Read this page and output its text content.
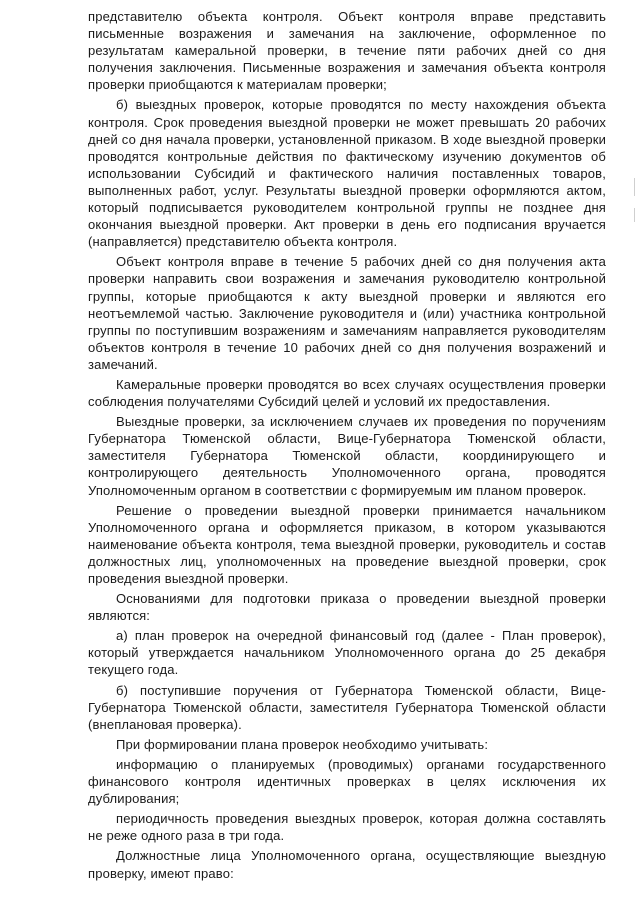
представителю объекта контроля. Объект контроля вправе представить письменные возражения и замечания на заключение, оформленное по результатам камеральной проверки, в течение пяти рабочих дней со дня получения заключения. Письменные возражения и замечания объекта контроля проверки приобщаются к материалам проверки;

б) выездных проверок, которые проводятся по месту нахождения объекта контроля. Срок проведения выездной проверки не может превышать 20 рабочих дней со дня начала проверки, установленной приказом. В ходе выездной проверки проводятся контрольные действия по фактическому изучению документов об использовании Субсидий и фактического наличия поставленных товаров, выполненных работ, услуг. Результаты выездной проверки оформляются актом, который подписывается руководителем контрольной группы не позднее дня окончания выездной проверки. Акт проверки в день его подписания вручается (направляется) представителю объекта контроля.

Объект контроля вправе в течение 5 рабочих дней со дня получения акта проверки направить свои возражения и замечания руководителю контрольной группы, которые приобщаются к акту выездной проверки и являются его неотъемлемой частью. Заключение руководителя и (или) участника контрольной группы по поступившим возражениям и замечаниям направляется руководителям объектов контроля в течение 10 рабочих дней со дня получения возражений и замечаний.

Камеральные проверки проводятся во всех случаях осуществления проверки соблюдения получателями Субсидий целей и условий их предоставления.

Выездные проверки, за исключением случаев их проведения по поручениям Губернатора Тюменской области, Вице-Губернатора Тюменской области, заместителя Губернатора Тюменской области, координирующего и контролирующего деятельность Уполномоченного органа, проводятся Уполномоченным органом в соответствии с формируемым им планом проверок.

Решение о проведении выездной проверки принимается начальником Уполномоченного органа и оформляется приказом, в котором указываются наименование объекта контроля, тема выездной проверки, руководитель и состав должностных лиц, уполномоченных на проведение выездной проверки, срок проведения выездной проверки.

Основаниями для подготовки приказа о проведении выездной проверки являются:

а) план проверок на очередной финансовый год (далее - План проверок), который утверждается начальником Уполномоченного органа до 25 декабря текущего года.

б) поступившие поручения от Губернатора Тюменской области, Вице-Губернатора Тюменской области, заместителя Губернатора Тюменской области (внеплановая проверка).

При формировании плана проверок необходимо учитывать:

информацию о планируемых (проводимых) органами государственного финансового контроля идентичных проверках в целях исключения их дублирования;

периодичность проведения выездных проверок, которая должна составлять не реже одного раза в три года.

Должностные лица Уполномоченного органа, осуществляющие выездную проверку, имеют право:
